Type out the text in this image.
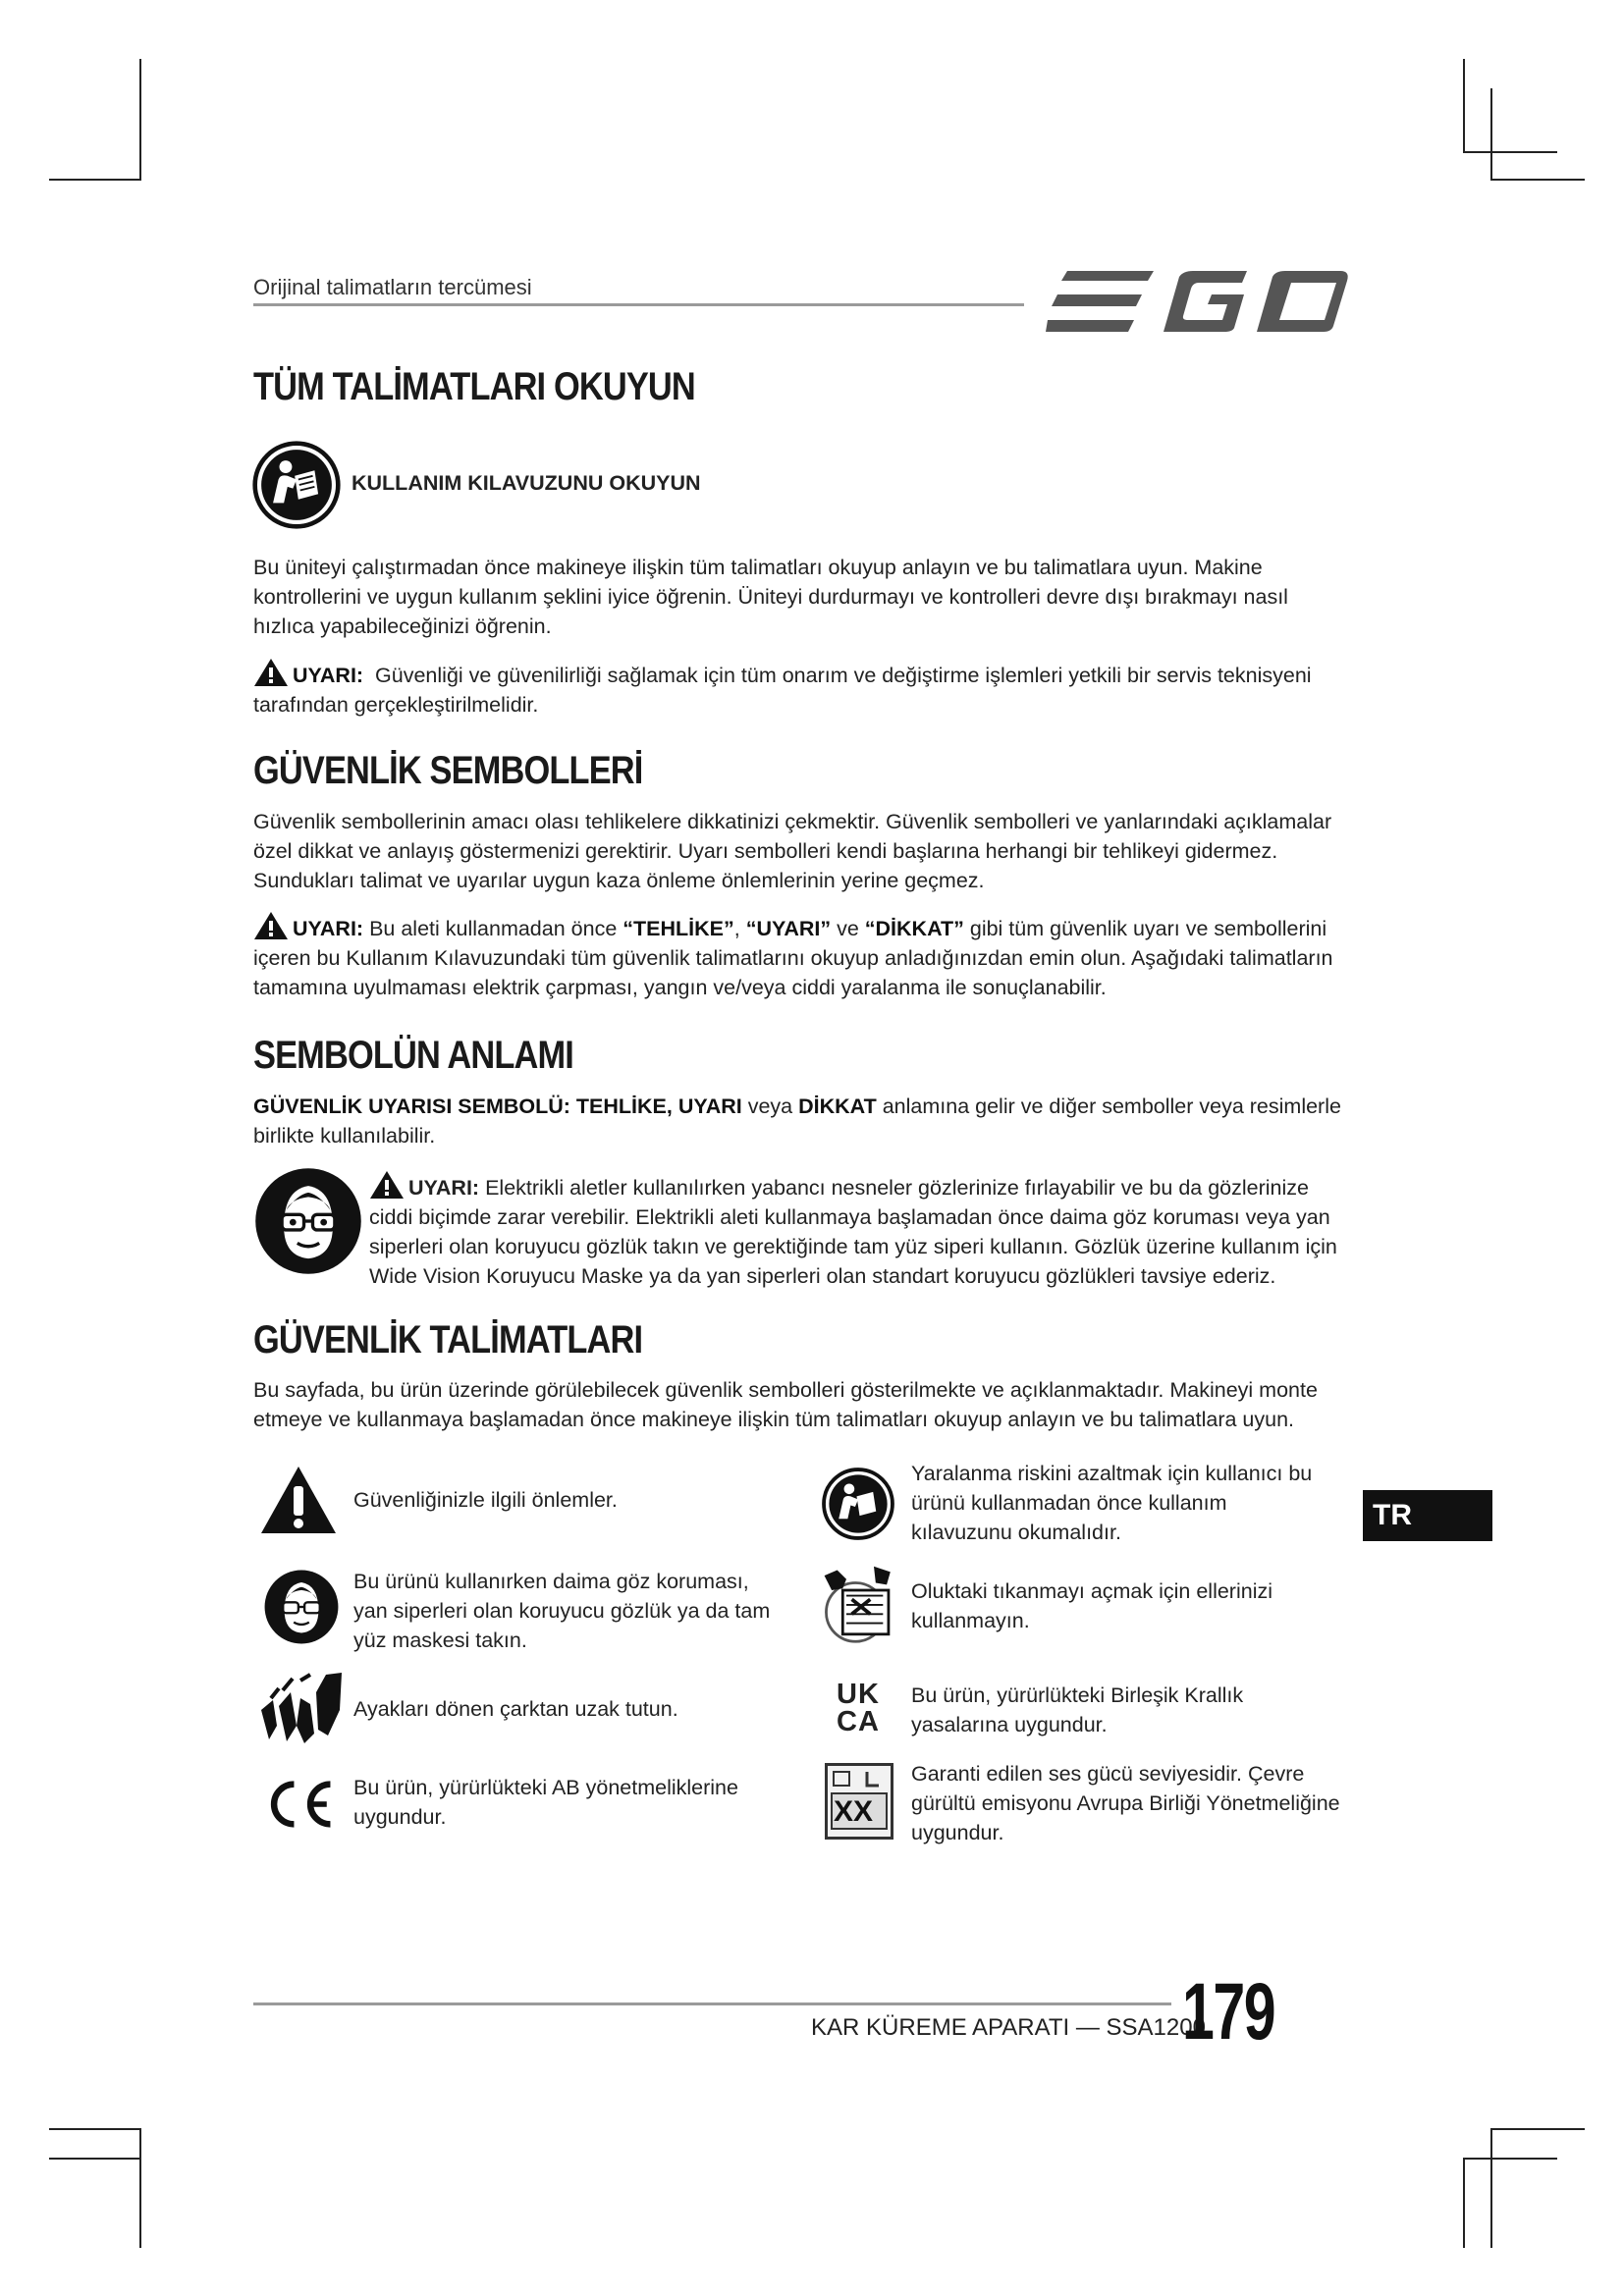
Orijinal talimatların tercümesi
TÜM TALİMATLARI OKUYUN
KULLANIM KILAVUZUNU OKUYUN
Bu üniteyi çalıştırmadan önce makineye ilişkin tüm talimatları okuyup anlayın ve bu talimatlara uyun. Makine kontrollerini ve uygun kullanım şeklini iyice öğrenin. Üniteyi durdurmayı ve kontrolleri devre dışı bırakmayı nasıl hızlıca yapabileceğinizi öğrenin.
UYARI: Güvenliği ve güvenilirliği sağlamak için tüm onarım ve değiştirme işlemleri yetkili bir servis teknisyeni tarafından gerçekleştirilmelidir.
GÜVENLİK SEMBOLLERİ
Güvenlik sembollerinin amacı olası tehlikelere dikkatinizi çekmektir. Güvenlik sembolleri ve yanlarındaki açıklamalar özel dikkat ve anlayış göstermenizi gerektirir. Uyarı sembolleri kendi başlarına herhangi bir tehlikeyi gidermez. Sundukları talimat ve uyarılar uygun kaza önleme önlemlerinin yerine geçmez.
UYARI: Bu aleti kullanmadan önce “TEHLİKE”, “UYARI” ve “DİKKAT” gibi tüm güvenlik uyarı ve sembollerini içeren bu Kullanım Kılavuzundaki tüm güvenlik talimatlarını okuyup anladığınızdan emin olun. Aşağıdaki talimatların tamamına uyulmaması elektrik çarpması, yangın ve/veya ciddi yaralanma ile sonuçlanabilir.
SEMBOLÜN ANLAMI
GÜVENLİK UYARISI SEMBOLÜ: TEHLİKE, UYARI veya DİKKAT anlamına gelir ve diğer semboller veya resimlerle birlikte kullanılabilir.
UYARI: Elektrikli aletler kullanılırken yabancı nesneler gözlerinize fırlayabilir ve bu da gözlerinize ciddi biçimde zarar verebilir. Elektrikli aleti kullanmaya başlamadan önce daima göz koruması veya yan siperleri olan koruyucu gözlük takın ve gerektiğinde tam yüz siperi kullanın. Gözlük üzerine kullanım için Wide Vision Koruyucu Maske ya da yan siperleri olan standart koruyucu gözlükleri tavsiye ederiz.
GÜVENLİK TALİMATLARI
Bu sayfada, bu ürün üzerinde görülebilecek güvenlik sembolleri gösterilmekte ve açıklanmaktadır. Makineyi monte etmeye ve kullanmaya başlamadan önce makineye ilişkin tüm talimatları okuyup anlayın ve bu talimatlara uyun.
Güvenliğinizle ilgili önlemler.
Bu ürünü kullanırken daima göz koruması, yan siperleri olan koruyucu gözlük ya da tam yüz maskesi takın.
Ayakları dönen çarktan uzak tutun.
Bu ürün, yürürlükteki AB yönetmeliklerine uygundur.
Yaralanma riskini azaltmak için kullanıcı bu ürünü kullanmadan önce kullanım kılavuzunu okumalıdır.
Oluktaki tıkanmayı açmak için ellerinizi kullanmayın.
UK
CA
Bu ürün, yürürlükteki Birleşik Krallık yasalarına uygundur.
XX
Garanti edilen ses gücü seviyesidir. Çevre gürültü emisyonu Avrupa Birliği Yönetmeliğine uygundur.
TR
KAR KÜREME APARATI — SSA1200
179
